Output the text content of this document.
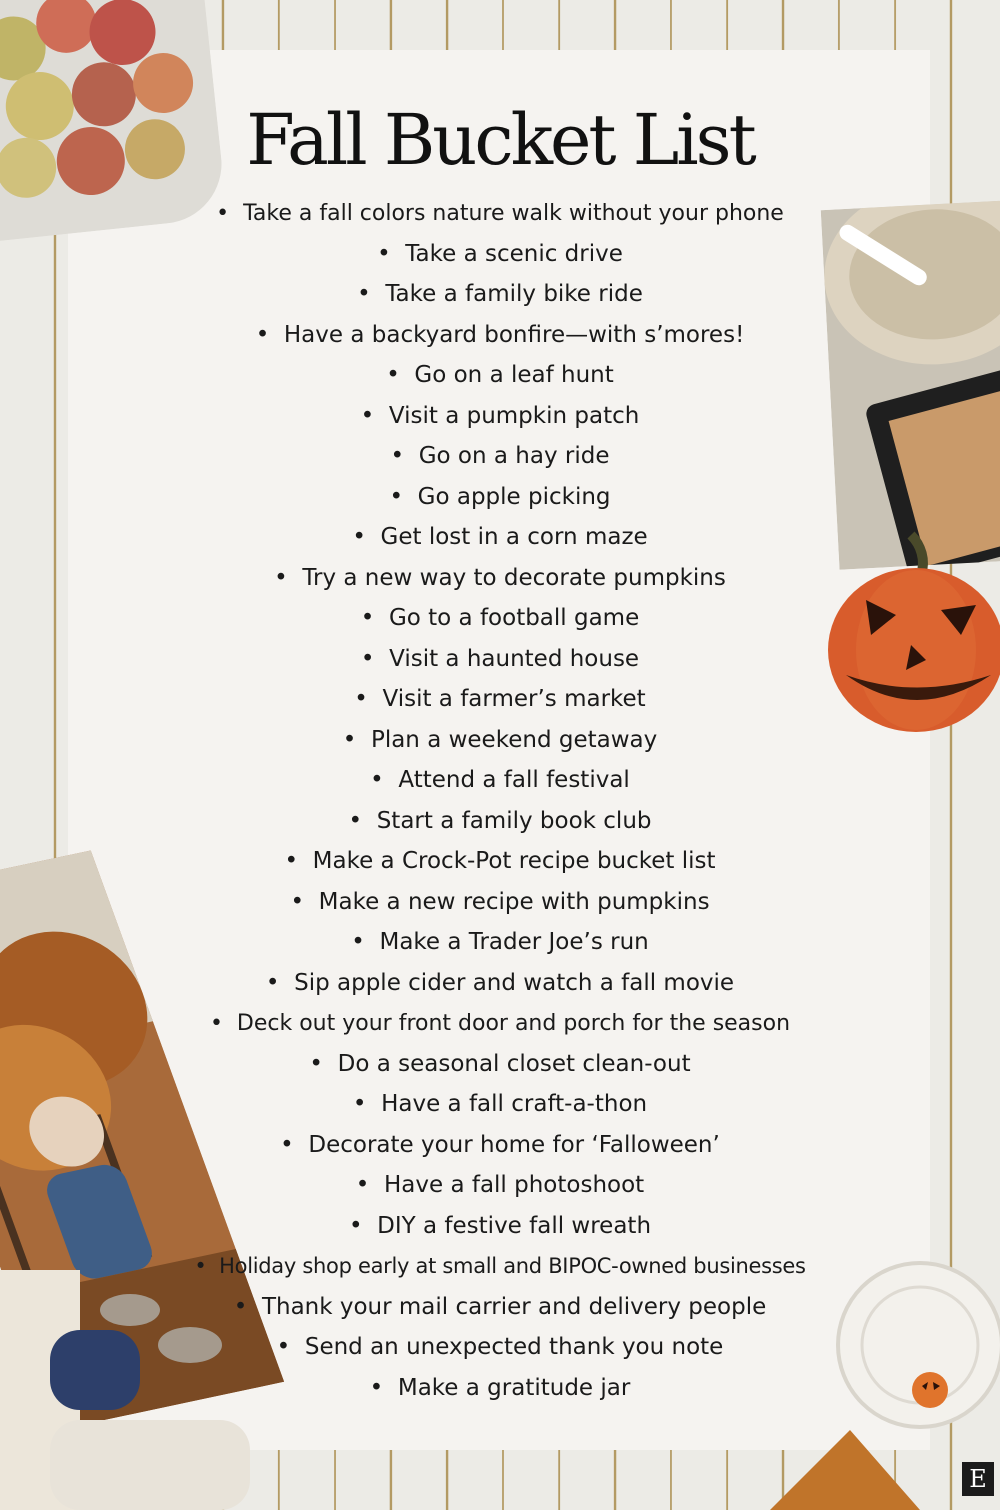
Fall Bucket List
•  Take a fall colors nature walk without your phone
•  Take a scenic drive
•  Take a family bike ride
•  Have a backyard bonfire—with s’mores!
•  Go on a leaf hunt
•  Visit a pumpkin patch
•  Go on a hay ride
•  Go apple picking
•  Get lost in a corn maze
•  Try a new way to decorate pumpkins
•  Go to a football game
•  Visit a haunted house
•  Visit a farmer’s market
•  Plan a weekend getaway
•  Attend a fall festival
•  Start a family book club
•  Make a Crock-Pot recipe bucket list
•  Make a new recipe with pumpkins
•  Make a Trader Joe’s run
•  Sip apple cider and watch a fall movie
•  Deck out your front door and porch for the season
•  Do a seasonal closet clean-out
•  Have a fall craft-a-thon
•  Decorate your home for ‘Falloween’
•  Have a fall photoshoot
•  DIY a festive fall wreath
•  Holiday shop early at small and BIPOC-owned businesses
•  Thank your mail carrier and delivery people
•  Send an unexpected thank you note
•  Make a gratitude jar
E
